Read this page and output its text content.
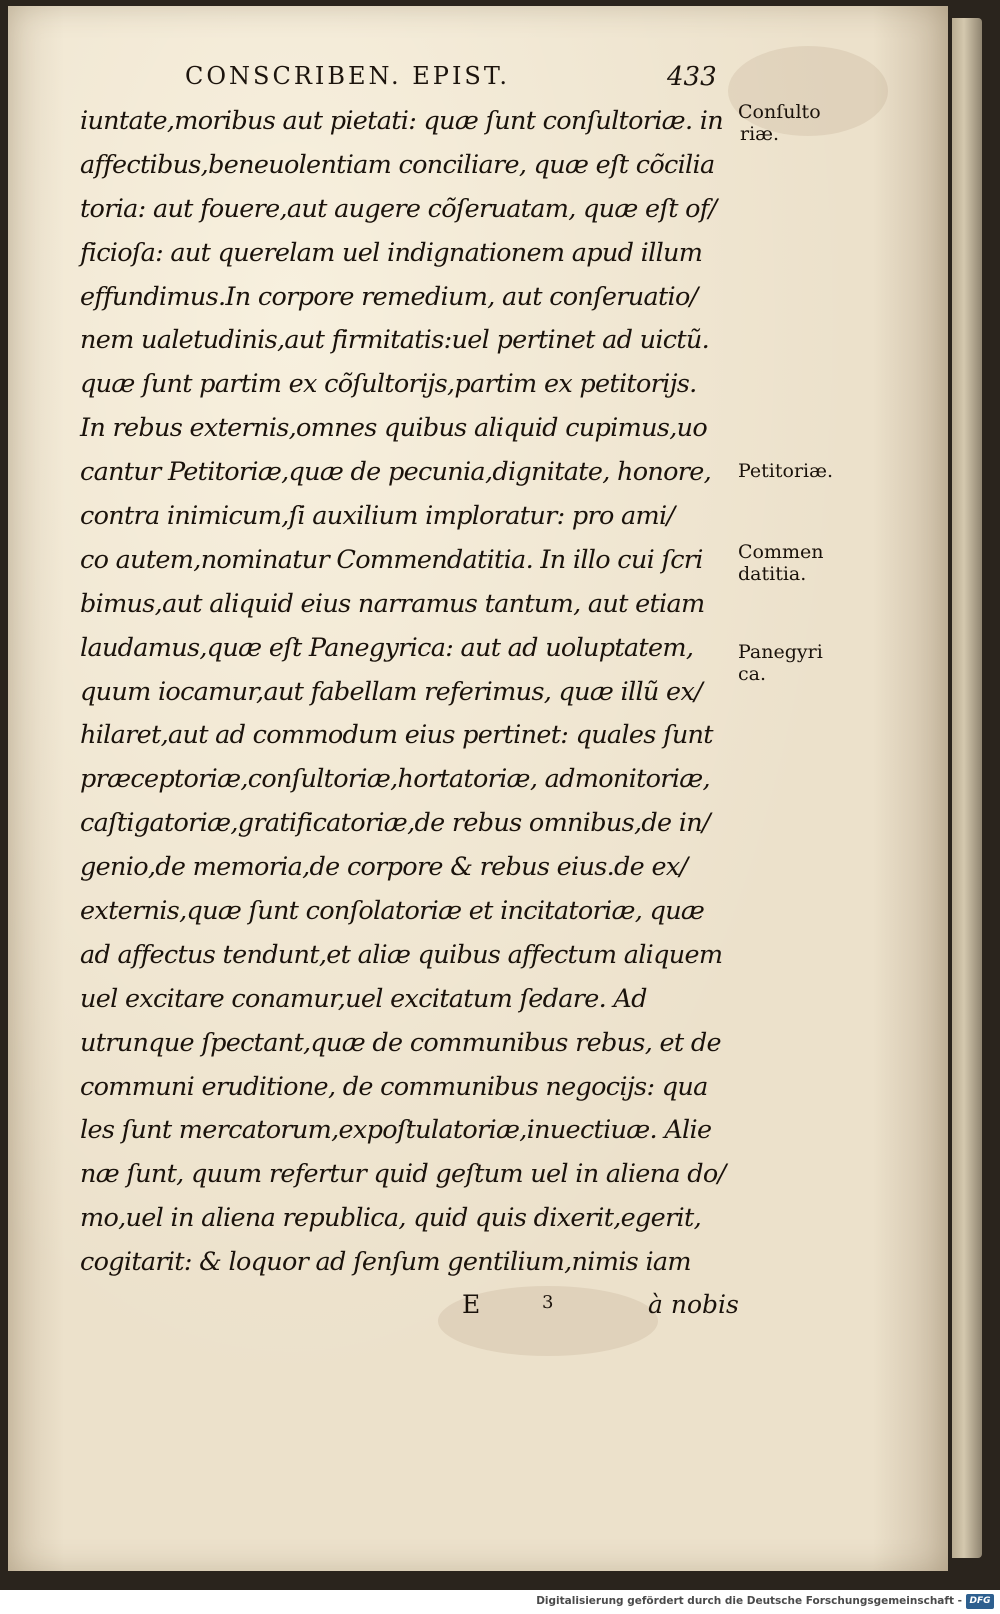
CONSCRIBEN. EPIST.	433
iuntate,moribus aut pietati: quæ ſunt conſultoriæ. in
affectibus,beneuolentiam conciliare, quæ eſt cõcilia
toria: aut fouere,aut augere cõſeruatam, quæ eſt of/
ficioſa: aut querelam uel indignationem apud illum
effundimus.In corpore remedium, aut conſeruatio/
nem ualetudinis,aut firmitatis:uel pertinet ad uictũ.
quæ ſunt partim ex cõſultorijs,partim ex petitorijs.
In rebus externis,omnes quibus aliquid cupimus,uo
cantur Petitoriæ,quæ de pecunia,dignitate, honore,
contra inimicum,ſi auxilium imploratur: pro ami/
co autem,nominatur Commendatitia. In illo cui ſcri
bimus,aut aliquid eius narramus tantum, aut etiam
laudamus,quæ eſt Panegyrica: aut ad uoluptatem,
quum iocamur,aut fabellam referimus, quæ illũ ex/
hilaret,aut ad commodum eius pertinet: quales ſunt
præceptoriæ,conſultoriæ,hortatoriæ, admonitoriæ,
caſtigatoriæ,gratificatoriæ,de rebus omnibus,de in/
genio,de memoria,de corpore & rebus eius.de ex/
externis,quæ ſunt conſolatoriæ et incitatoriæ, quæ
ad affectus tendunt,et aliæ quibus affectum aliquem
uel excitare conamur,uel excitatum ſedare. Ad
utrunque ſpectant,quæ de communibus rebus, et de
communi eruditione, de communibus negocijs: qua
les ſunt mercatorum,expoſtulatoriæ,inuectiuæ. Alie
næ ſunt, quum refertur quid geſtum uel in aliena do/
mo,uel in aliena republica, quid quis dixerit,egerit,
cogitarit: & loquor ad ſenſum gentilium,nimis iam
Conſulto
riæ.
Petitoriæ.
Commen
datitia.
Panegyri
ca.
E	3	à nobis
Digitalisierung gefördert durch die Deutsche Forschungsgemeinschaft - DFG
